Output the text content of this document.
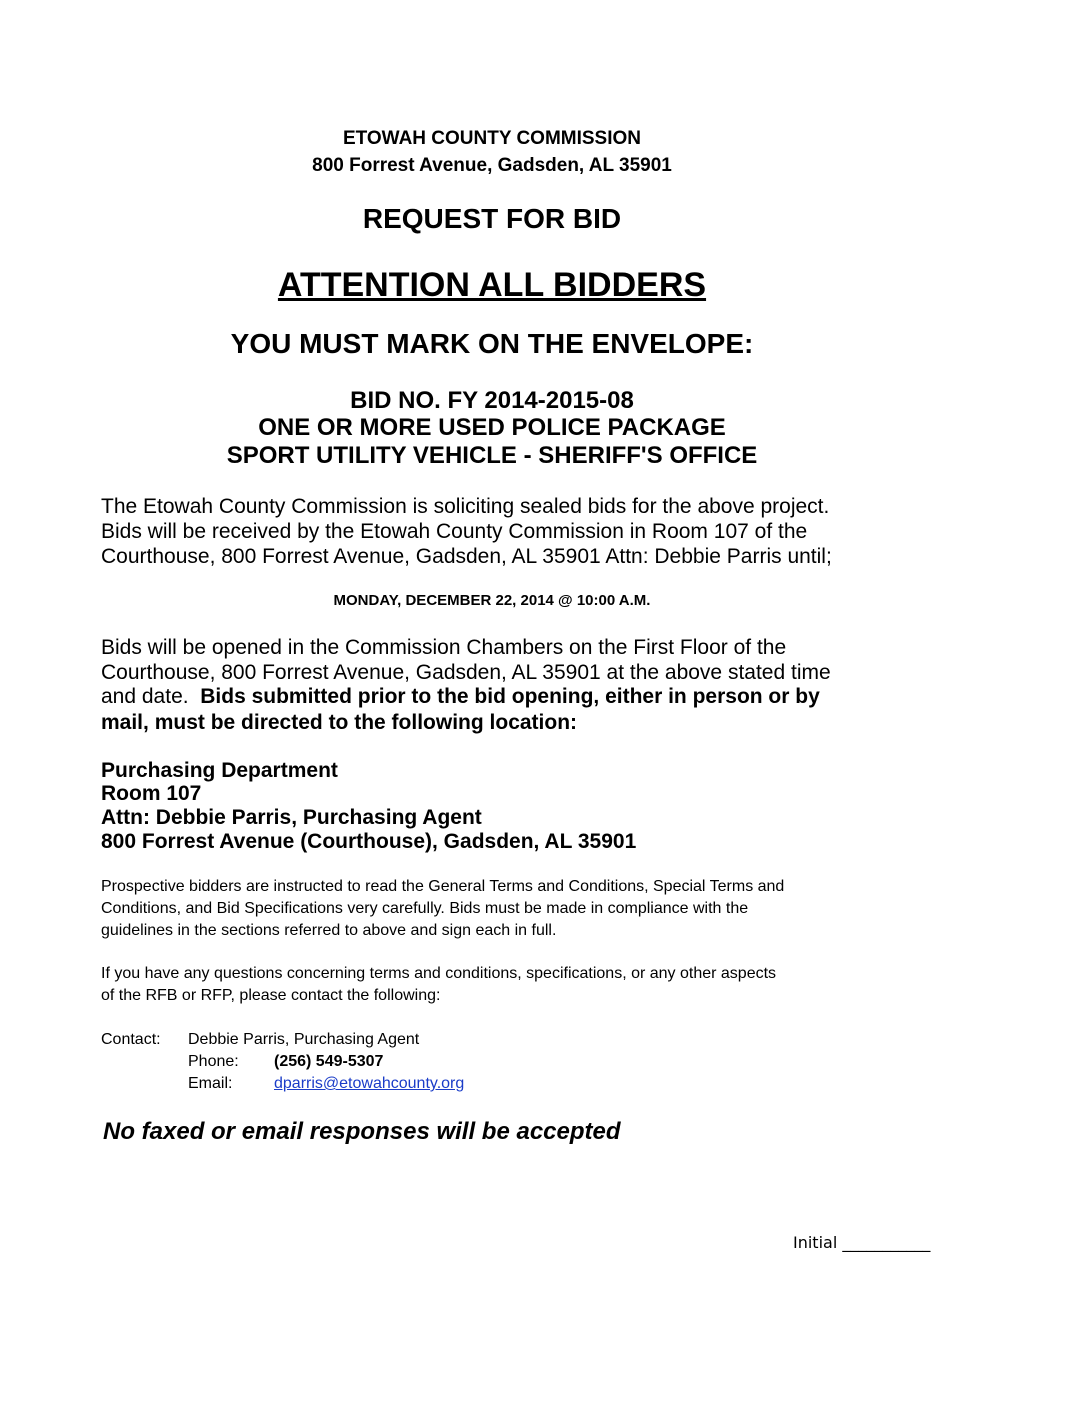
ETOWAH COUNTY COMMISSION
800 Forrest Avenue, Gadsden, AL 35901
REQUEST FOR BID
ATTENTION ALL BIDDERS
YOU MUST MARK ON THE ENVELOPE:
BID NO. FY 2014-2015-08
ONE OR MORE USED POLICE PACKAGE
SPORT UTILITY VEHICLE - SHERIFF'S OFFICE
The Etowah County Commission is soliciting sealed bids for the above project.
Bids will be received by the Etowah County Commission in Room 107 of the
Courthouse, 800 Forrest Avenue, Gadsden, AL 35901 Attn: Debbie Parris until;
MONDAY, DECEMBER 22, 2014 @ 10:00 A.M.
Bids will be opened in the Commission Chambers on the First Floor of the
Courthouse, 800 Forrest Avenue, Gadsden, AL 35901 at the above stated time
and date.  Bids submitted prior to the bid opening, either in person or by
mail, must be directed to the following location:
Purchasing Department
Room 107
Attn: Debbie Parris, Purchasing Agent
800 Forrest Avenue (Courthouse), Gadsden, AL 35901
Prospective bidders are instructed to read the General Terms and Conditions, Special Terms and
Conditions, and Bid Specifications very carefully. Bids must be made in compliance with the
guidelines in the sections referred to above and sign each in full.
If you have any questions concerning terms and conditions, specifications, or any other aspects
of the RFB or RFP, please contact the following:
Contact: Debbie Parris, Purchasing Agent
Phone: (256) 549-5307
Email:	dparris@etowahcounty.org
No faxed or email responses will be accepted
Initial ___________
